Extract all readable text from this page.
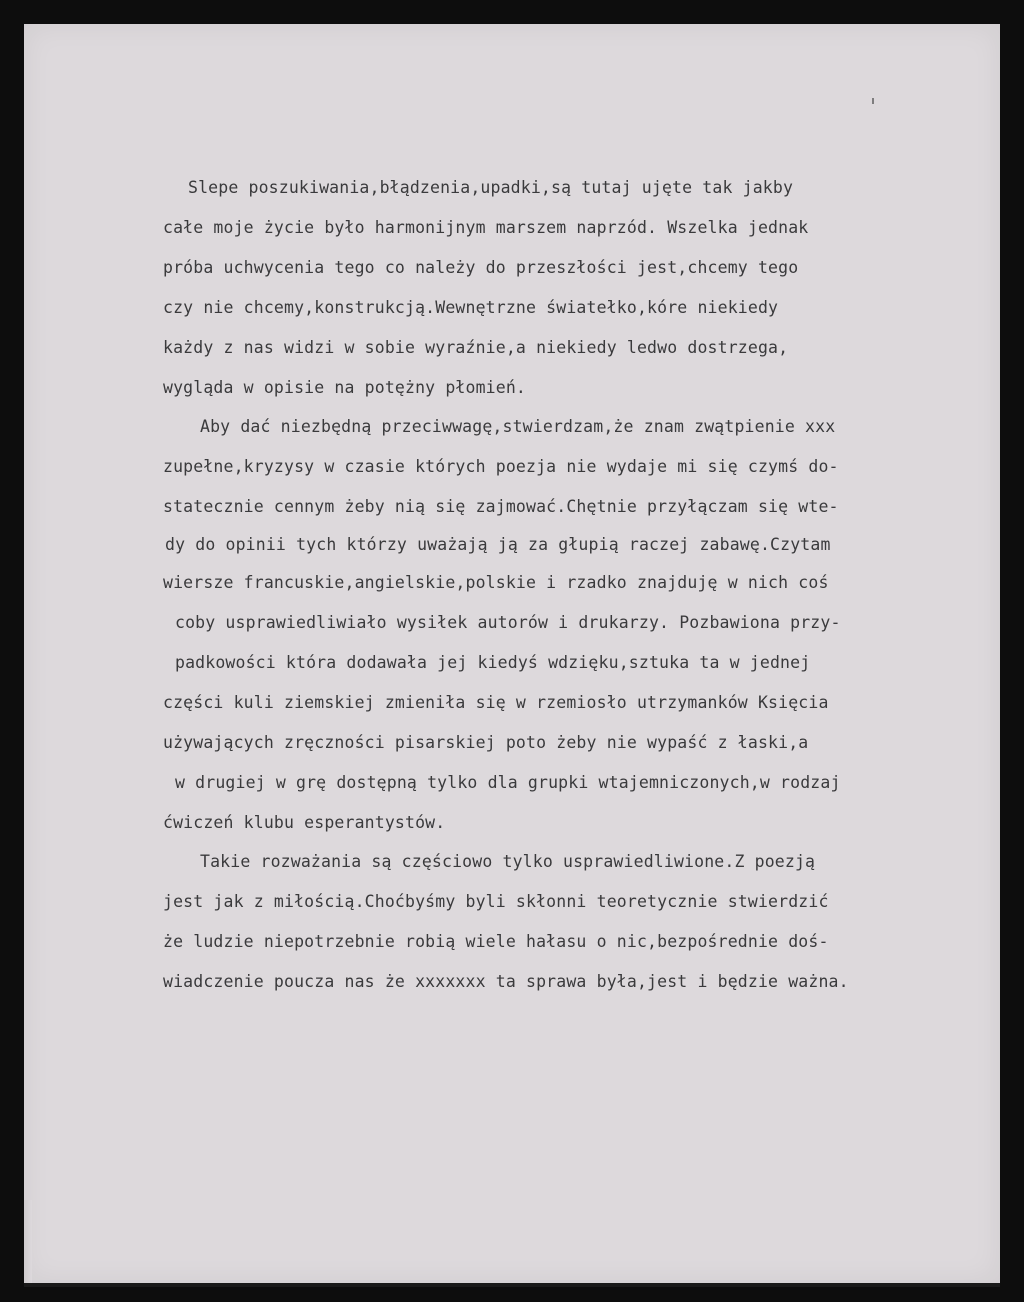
Slepe poszukiwania,błądzenia,upadki,są tutaj ujęte tak jakby
całe moje życie było harmonijnym marszem naprzód. Wszelka jednak
próba uchwycenia tego co należy do przeszłości jest,chcemy tego
czy nie chcemy,konstrukcją.Wewnętrzne światełko,kóre niekiedy
każdy z nas widzi w sobie wyraźnie,a niekiedy ledwo dostrzega,
wygląda w opisie na potężny płomień.
Aby dać niezbędną przeciwwagę,stwierdzam,że znam zwątpienie xxx
zupełne,kryzysy w czasie których poezja nie wydaje mi się czymś do-
statecznie cennym żeby nią się zajmować.Chętnie przyłączam się wte-
dy do opinii tych którzy uważają ją za głupią raczej zabawę.Czytam
wiersze francuskie,angielskie,polskie i rzadko znajduję w nich coś
coby usprawiedliwiało wysiłek autorów i drukarzy. Pozbawiona przy-
padkowości która dodawała jej kiedyś wdzięku,sztuka ta w jednej
części kuli ziemskiej zmieniła się w rzemiosło utrzymanków Księcia
używających zręczności pisarskiej poto żeby nie wypaść z łaski,a
w drugiej w grę dostępną tylko dla grupki wtajemniczonych,w rodzaj
ćwiczeń klubu esperantystów.
Takie rozważania są częściowo tylko usprawiedliwione.Z poezją
jest jak z miłością.Choćbyśmy byli skłonni teoretycznie stwierdzić
że ludzie niepotrzebnie robią wiele hałasu o nic,bezpośrednie doś-
wiadczenie poucza nas że xxxxxxx ta sprawa była,jest i będzie ważna.
